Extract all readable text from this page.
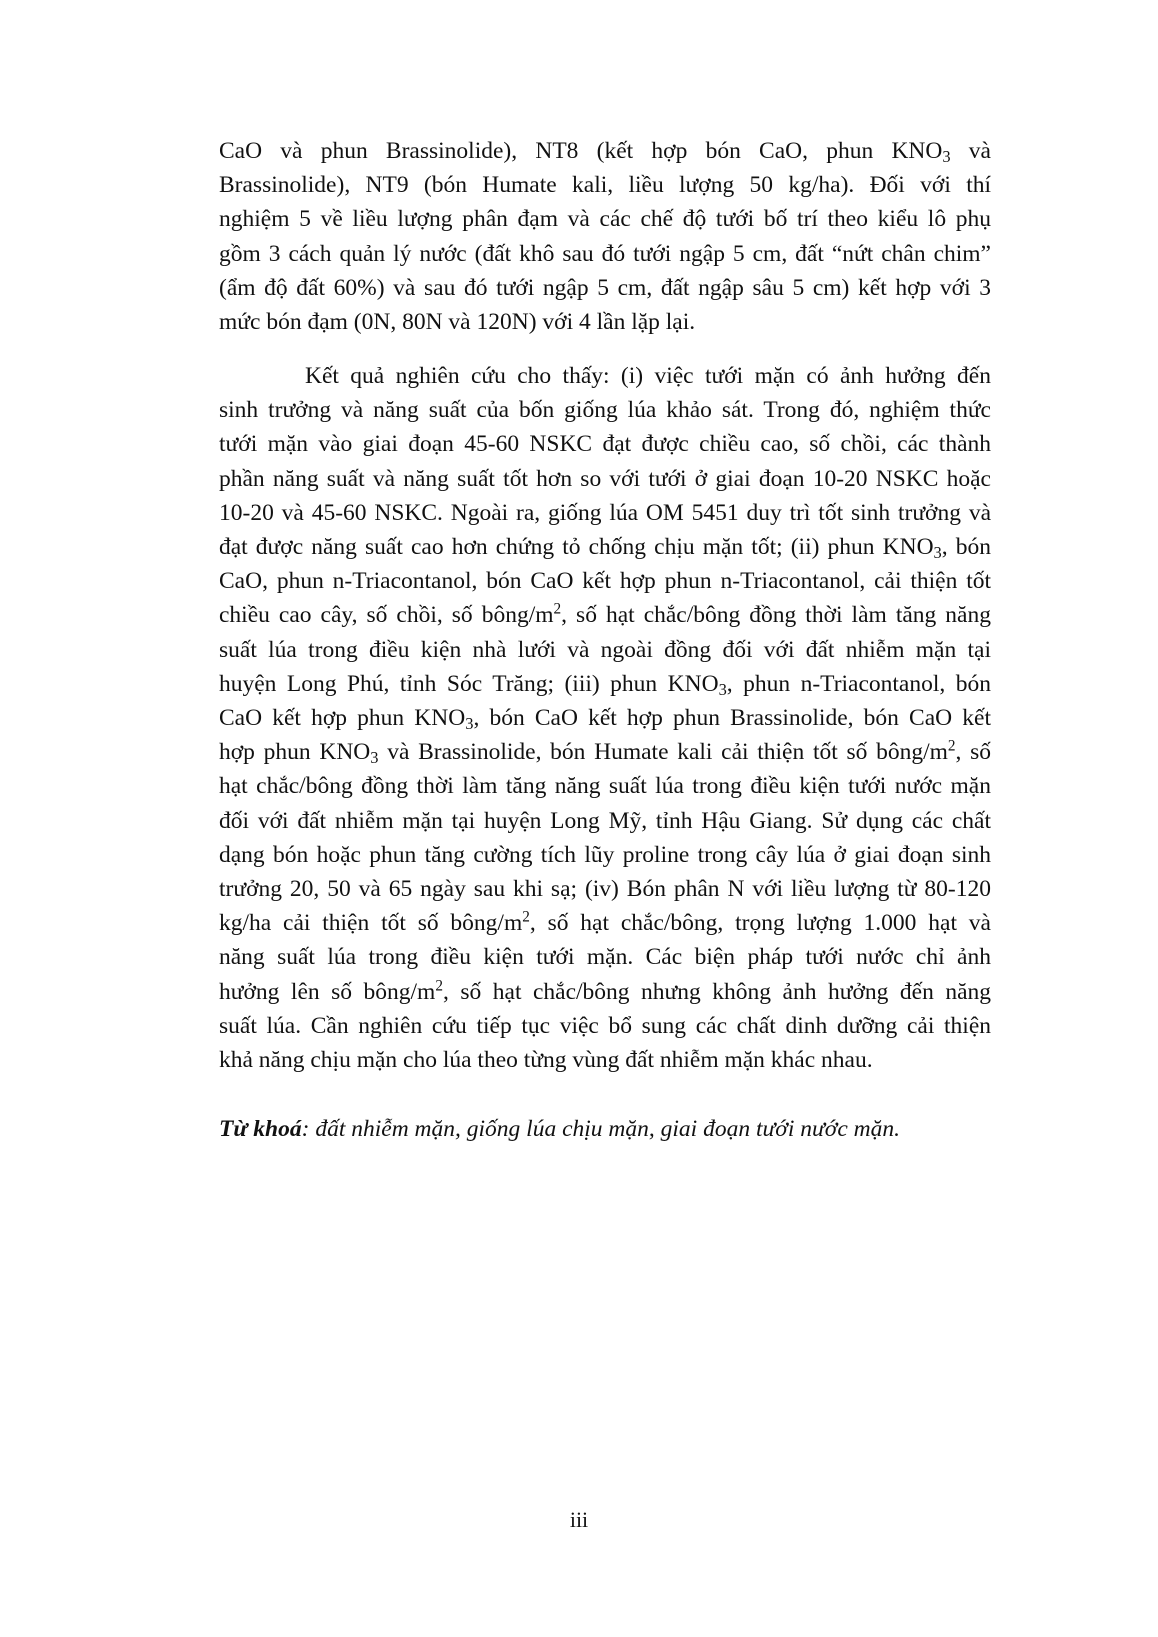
CaO và phun Brassinolide), NT8 (kết hợp bón CaO, phun $KNO_3$ và
Brassinolide), NT9 (bón Humate kali, liều lượng 50 kg/ha). Đối với thí
nghiệm 5 về liều lượng phân đạm và các chế độ tưới bố trí theo kiểu lô phụ
gồm 3 cách quản lý nước (đất khô sau đó tưới ngập 5 cm, đất “nứt chân chim”
(ẩm độ đất 60%) và sau đó tưới ngập 5 cm, đất ngập sâu 5 cm) kết hợp với 3
mức bón đạm (0N, 80N và 120N) với 4 lần lặp lại.

Kết quả nghiên cứu cho thấy: (i) việc tưới mặn có ảnh hưởng đến
sinh trưởng và năng suất của bốn giống lúa khảo sát. Trong đó, nghiệm thức
tưới mặn vào giai đoạn 45-60 NSKC đạt được chiều cao, số chồi, các thành
phần năng suất và năng suất tốt hơn so với tưới ở giai đoạn 10-20 NSKC hoặc
10-20 và 45-60 NSKC. Ngoài ra, giống lúa OM 5451 duy trì tốt sinh trưởng và
đạt được năng suất cao hơn chứng tỏ chống chịu mặn tốt; (ii) phun $KNO_3$, bón
CaO, phun n-Triacontanol, bón CaO kết hợp phun n-Triacontanol, cải thiện tốt
chiều cao cây, số chồi, số bông/$m^2$, số hạt chắc/bông đồng thời làm tăng năng
suất lúa trong điều kiện nhà lưới và ngoài đồng đối với đất nhiễm mặn tại
huyện Long Phú, tỉnh Sóc Trăng; (iii) phun $KNO_3$, phun n-Triacontanol, bón
CaO kết hợp phun $KNO_3$, bón CaO kết hợp phun Brassinolide, bón CaO kết
hợp phun $KNO_3$ và Brassinolide, bón Humate kali cải thiện tốt số bông/$m^2$, số
hạt chắc/bông đồng thời làm tăng năng suất lúa trong điều kiện tưới nước mặn
đối với đất nhiễm mặn tại huyện Long Mỹ, tỉnh Hậu Giang. Sử dụng các chất
dạng bón hoặc phun tăng cường tích lũy proline trong cây lúa ở giai đoạn sinh
trưởng 20, 50 và 65 ngày sau khi sạ; (iv) Bón phân N với liều lượng từ 80-120
kg/ha cải thiện tốt số bông/$m^2$, số hạt chắc/bông, trọng lượng 1.000 hạt và
năng suất lúa trong điều kiện tưới mặn. Các biện pháp tưới nước chỉ ảnh
hưởng lên số bông/$m^2$, số hạt chắc/bông nhưng không ảnh hưởng đến năng
suất lúa. Cần nghiên cứu tiếp tục việc bổ sung các chất dinh dưỡng cải thiện
khả năng chịu mặn cho lúa theo từng vùng đất nhiễm mặn khác nhau.

Từ khoá: đất nhiễm mặn, giống lúa chịu mặn, giai đoạn tưới nước mặn.

iii
